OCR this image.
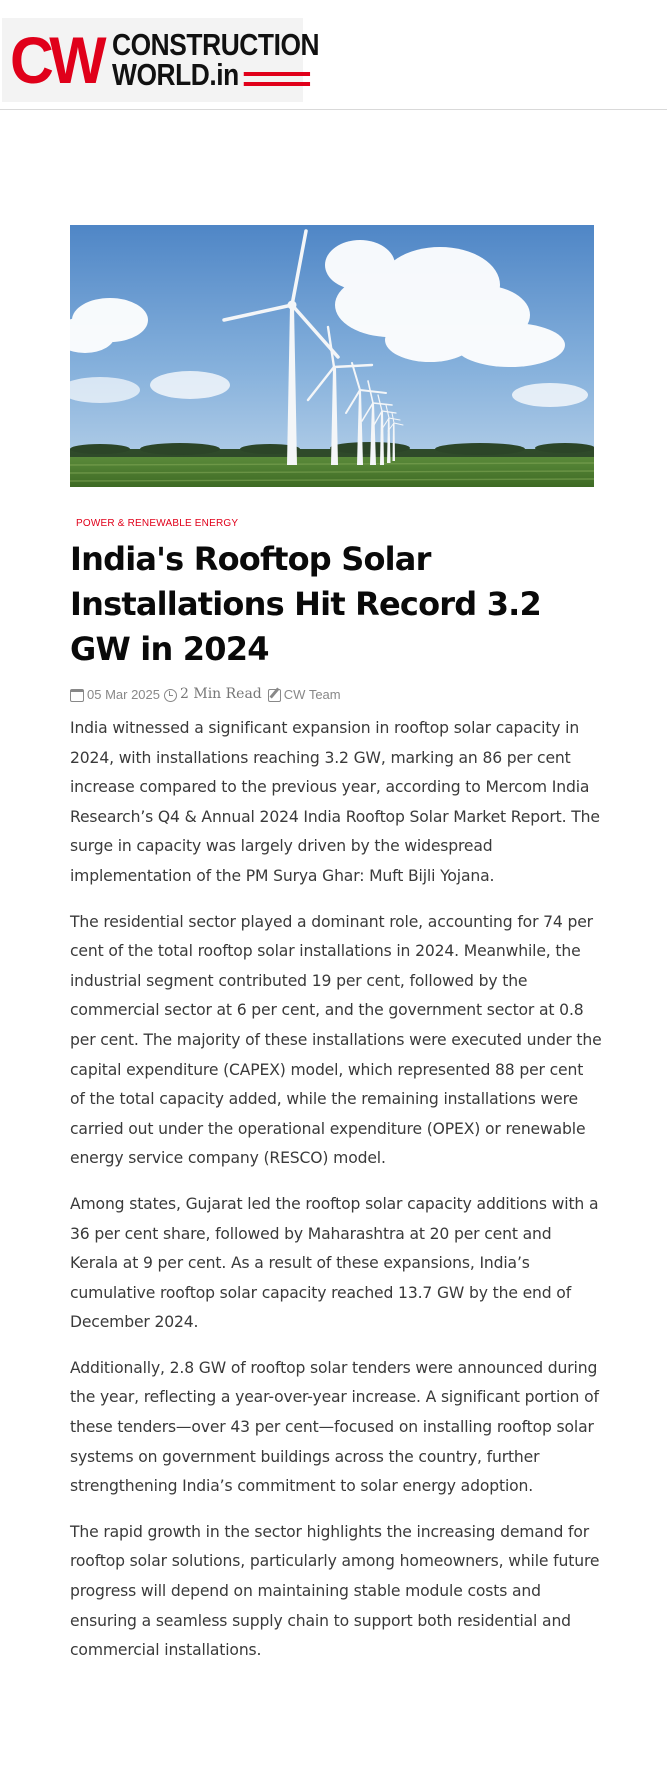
CW CONSTRUCTION
WORLD.in
POWER & RENEWABLE ENERGY
India's Rooftop Solar Installations Hit Record 3.2 GW in 2024
05 Mar 2025 2 Min Read CW Team

India witnessed a significant expansion in rooftop solar capacity in 2024, with installations reaching 3.2 GW, marking an 86 per cent increase compared to the previous year, according to Mercom India Research’s Q4 & Annual 2024 India Rooftop Solar Market Report. The surge in capacity was largely driven by the widespread implementation of the PM Surya Ghar: Muft Bijli Yojana.

The residential sector played a dominant role, accounting for 74 per cent of the total rooftop solar installations in 2024. Meanwhile, the industrial segment contributed 19 per cent, followed by the commercial sector at 6 per cent, and the government sector at 0.8 per cent. The majority of these installations were executed under the capital expenditure (CAPEX) model, which represented 88 per cent of the total capacity added, while the remaining installations were carried out under the operational expenditure (OPEX) or renewable energy service company (RESCO) model.

Among states, Gujarat led the rooftop solar capacity additions with a 36 per cent share, followed by Maharashtra at 20 per cent and Kerala at 9 per cent. As a result of these expansions, India’s cumulative rooftop solar capacity reached 13.7 GW by the end of December 2024.

Additionally, 2.8 GW of rooftop solar tenders were announced during the year, reflecting a year-over-year increase. A significant portion of these tenders—over 43 per cent—focused on installing rooftop solar systems on government buildings across the country, further strengthening India’s commitment to solar energy adoption.

The rapid growth in the sector highlights the increasing demand for rooftop solar solutions, particularly among homeowners, while future progress will depend on maintaining stable module costs and ensuring a seamless supply chain to support both residential and commercial installations.
